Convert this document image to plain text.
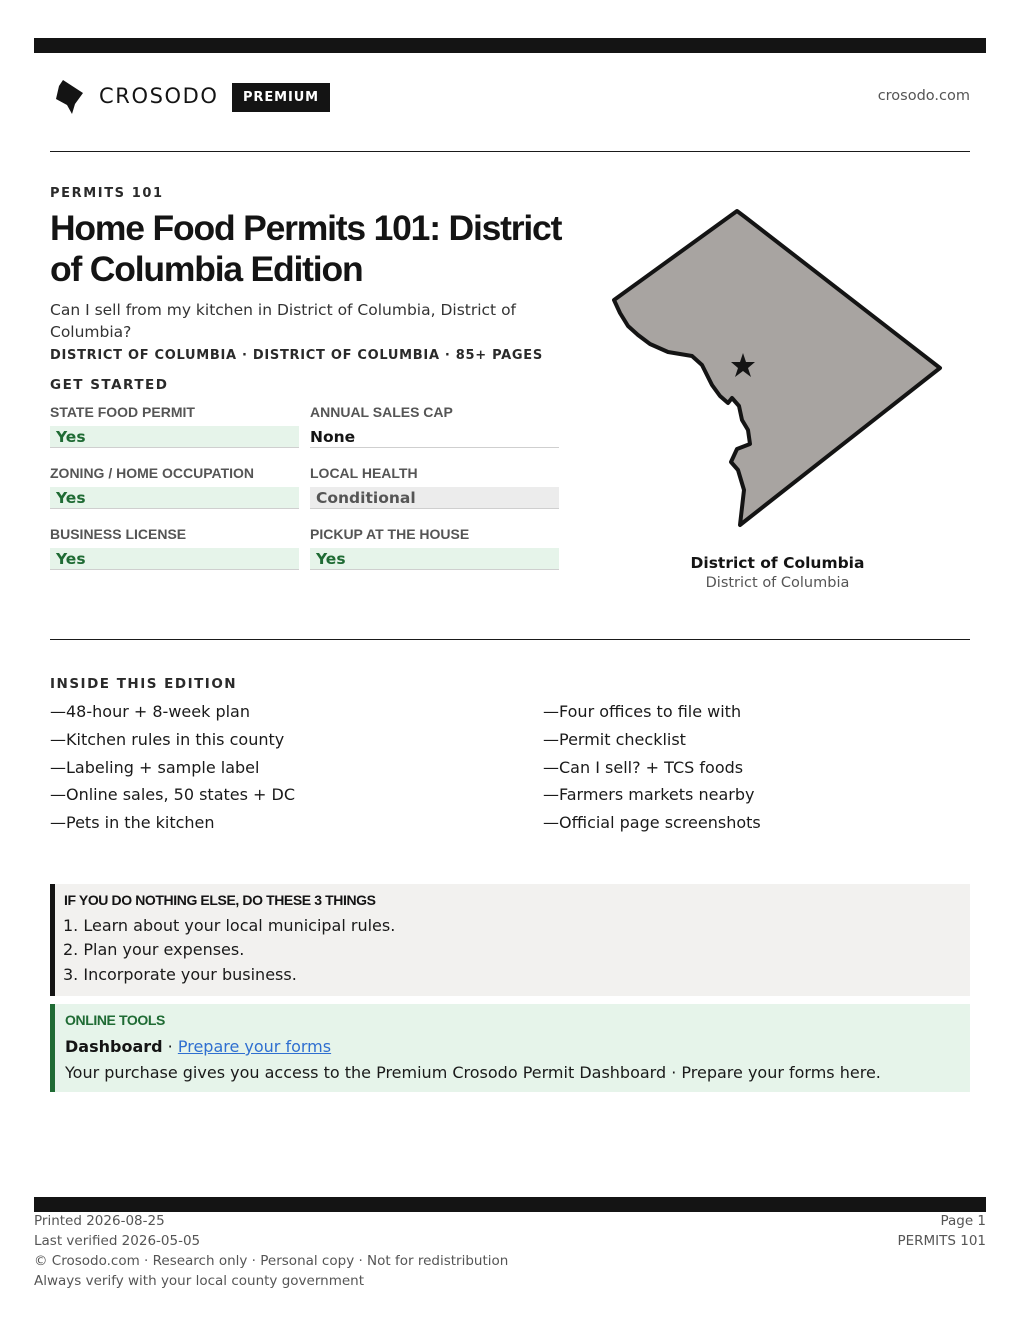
CROSODO	PREMIUM	crosodo.com
PERMITS 101
Home Food Permits 101: District of Columbia Edition
Can I sell from my kitchen in District of Columbia, District of Columbia?
DISTRICT OF COLUMBIA · DISTRICT OF COLUMBIA · 85+ PAGES
GET STARTED
STATE FOOD PERMIT
Yes
ANNUAL SALES CAP
None
ZONING / HOME OCCUPATION
Yes
LOCAL HEALTH
Conditional
BUSINESS LICENSE
Yes
PICKUP AT THE HOUSE
Yes	District of Columbia
District of Columbia
INSIDE THIS EDITION
—48-hour + 8-week plan
—Kitchen rules in this county
—Labeling + sample label
—Online sales, 50 states + DC
—Pets in the kitchen
—Four offices to file with
—Permit checklist
—Can I sell? + TCS foods
—Farmers markets nearby
—Official page screenshots
IF YOU DO NOTHING ELSE, DO THESE 3 THINGS
1. Learn about your local municipal rules.
2. Plan your expenses.
3. Incorporate your business.
ONLINE TOOLS
Dashboard · Prepare your forms
Your purchase gives you access to the Premium Crosodo Permit Dashboard · Prepare your forms here.
Printed 2026-08-25
Last verified 2026-05-05
© Crosodo.com · Research only · Personal copy · Not for redistribution
Always verify with your local county government
Page 1
PERMITS 101
